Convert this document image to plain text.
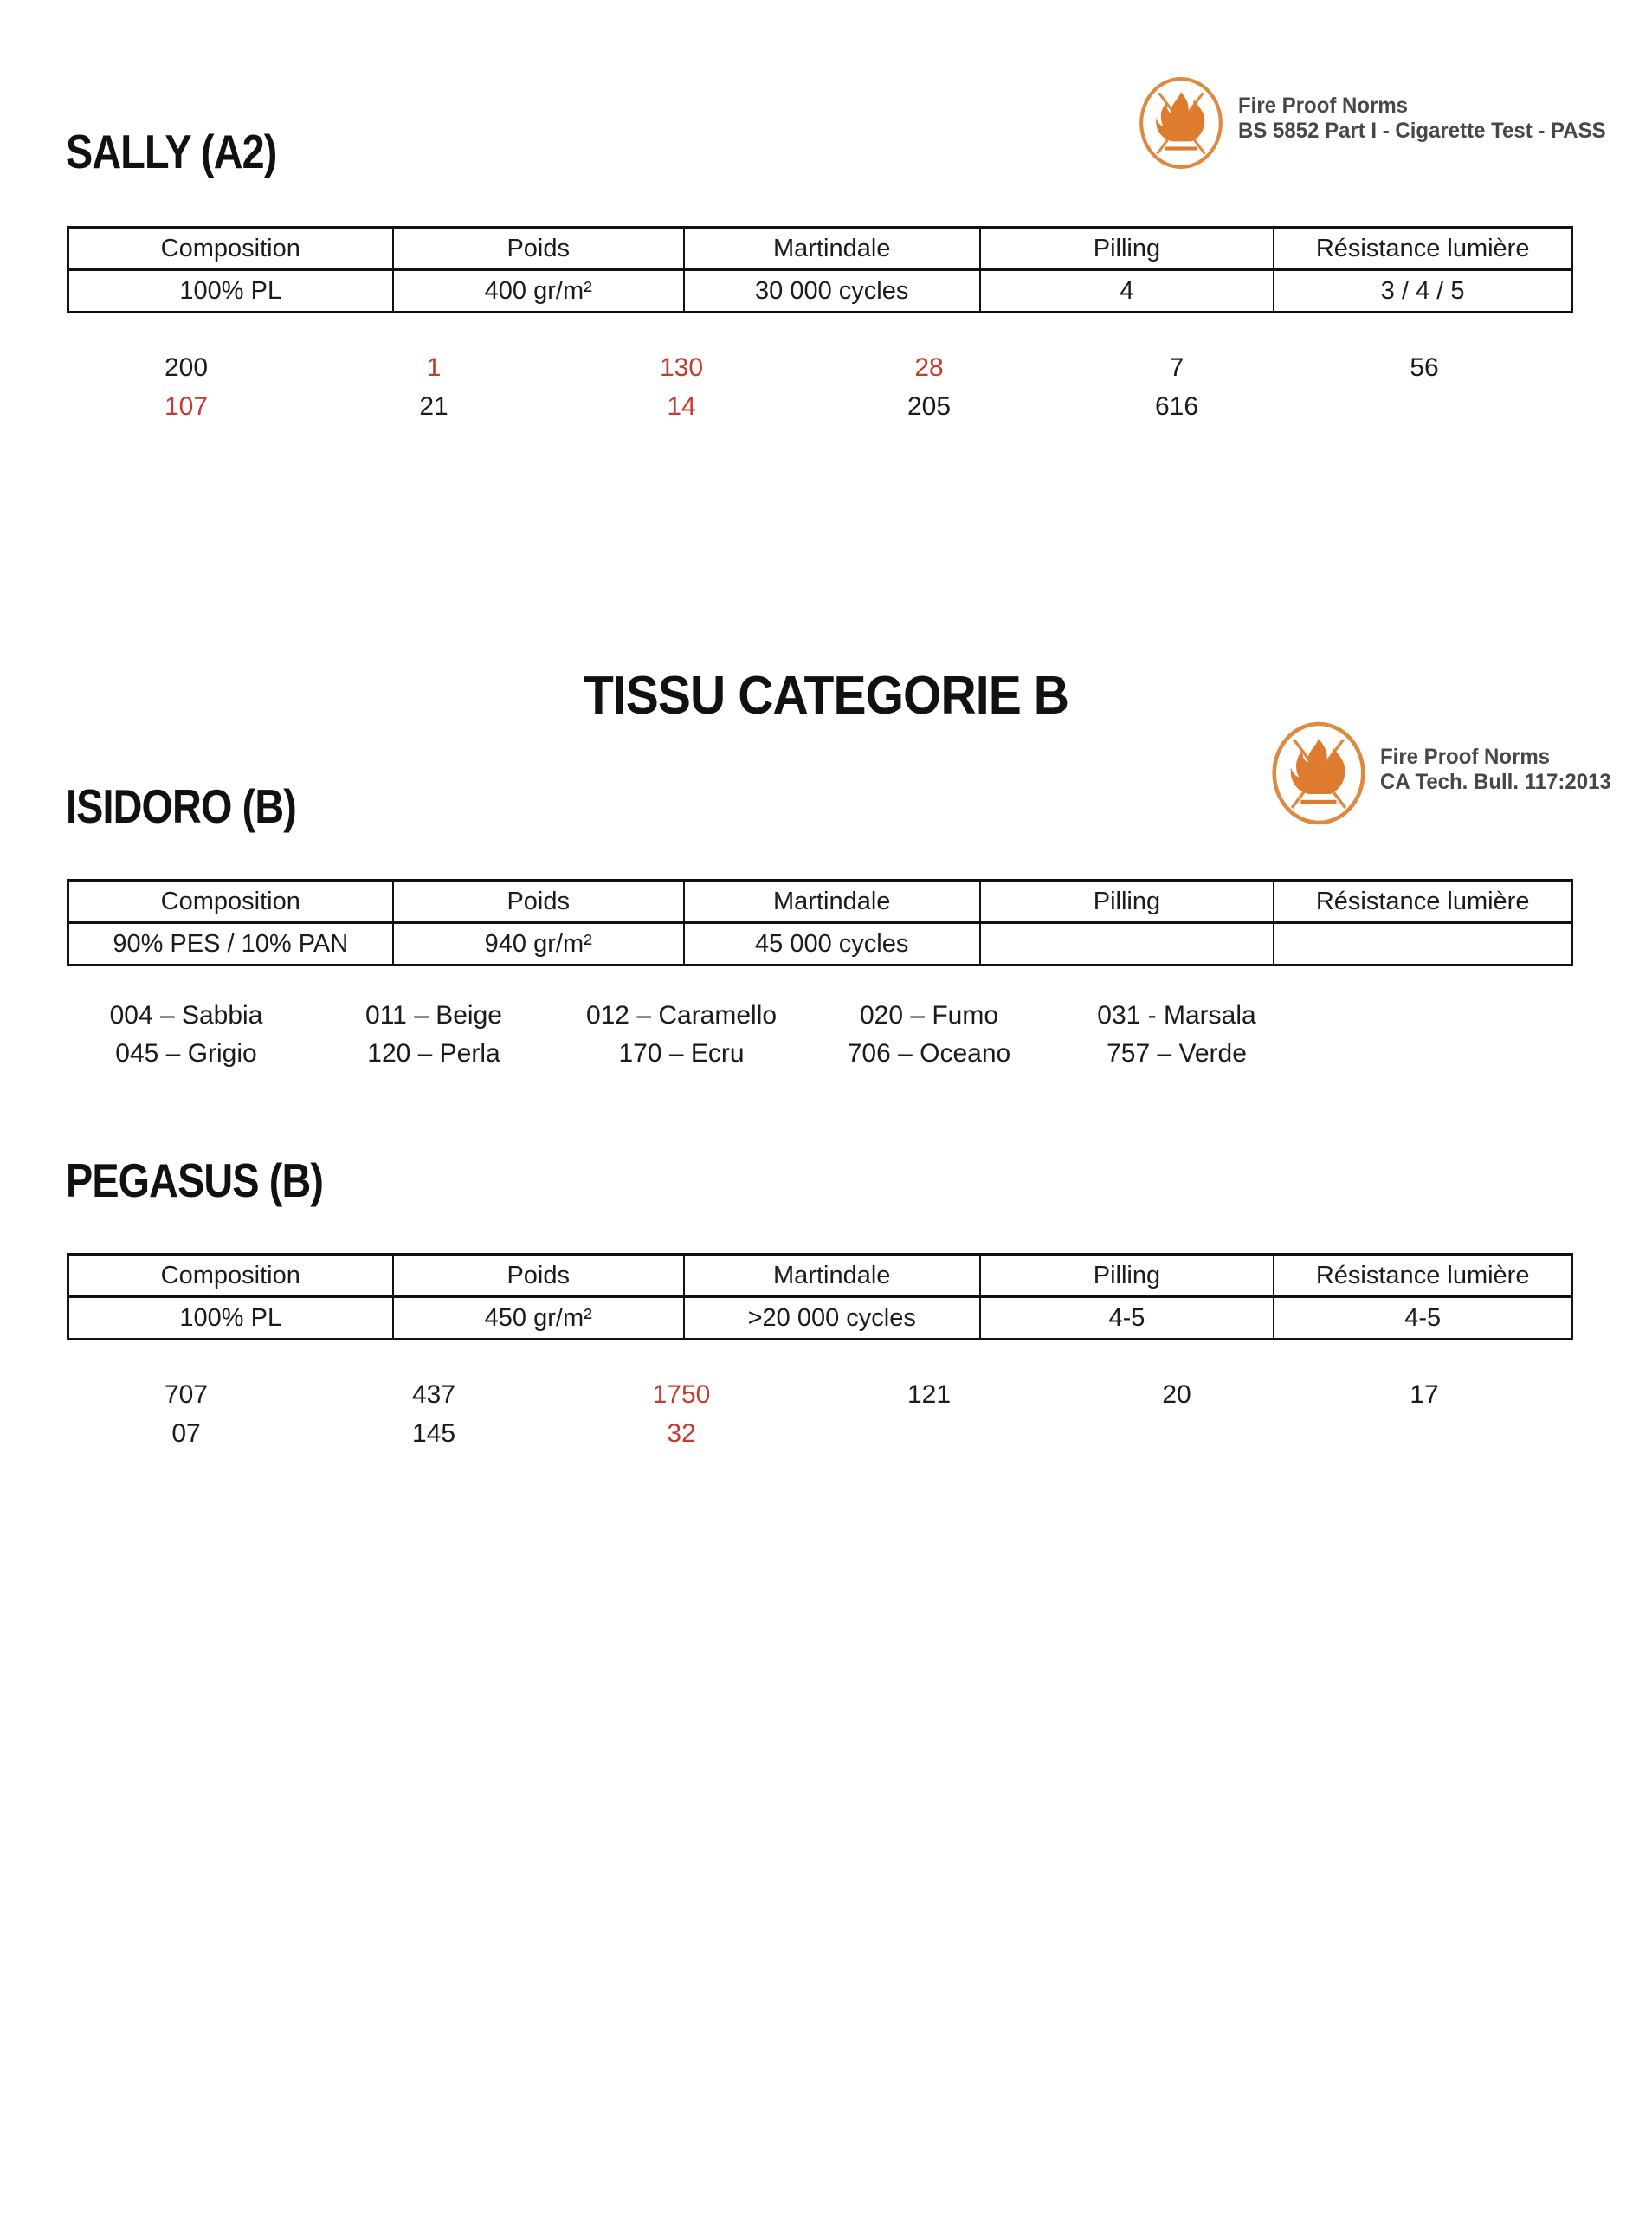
SALLY (A2)
Fire Proof Norms
BS 5852 Part I - Cigarette Test - PASS
Composition	Poids	Martindale	Pilling	Résistance lumière
100% PL	400 gr/m²	30 000 cycles	4	3 / 4 / 5
200	1	130	28	7	56
107	21	14	205	616
TISSU CATEGORIE B
Fire Proof Norms
CA Tech. Bull. 117:2013
ISIDORO (B)
Composition	Poids	Martindale	Pilling	Résistance lumière
90% PES / 10% PAN	940 gr/m²	45 000 cycles
004 – Sabbia	011 – Beige	012 – Caramello	020 – Fumo	031 - Marsala
045 – Grigio	120 – Perla	170 – Ecru	706 – Oceano	757 – Verde
PEGASUS (B)
Composition	Poids	Martindale	Pilling	Résistance lumière
100% PL	450 gr/m²	>20 000 cycles	4-5	4-5
707	437	1750	121	20	17
07	145	32
